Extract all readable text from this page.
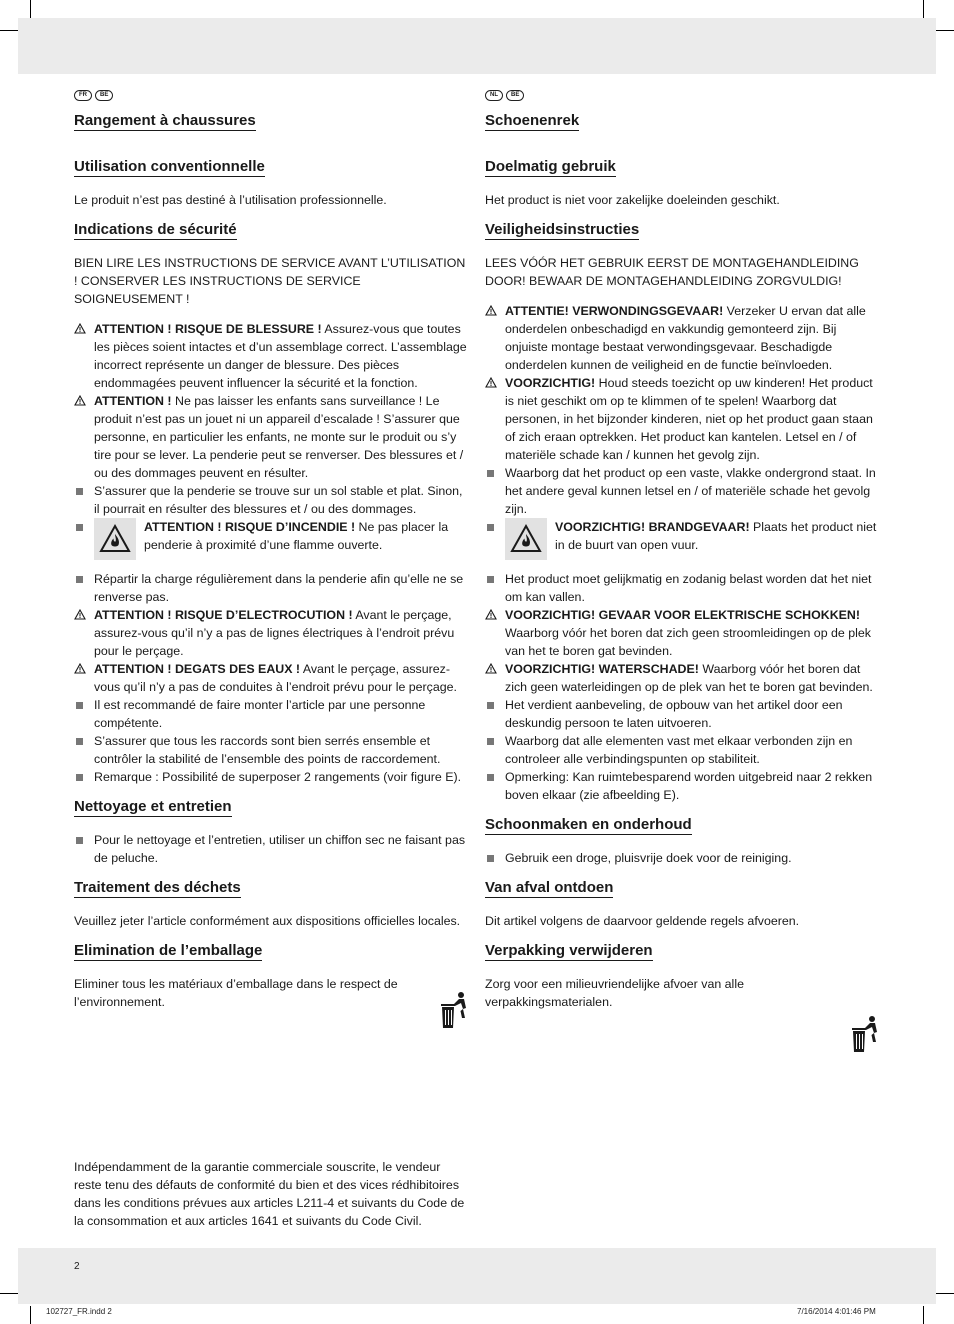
2
102727_FR.indd 2	7/16/2014 4:01:46 PM
FR	BE
Rangement à chaussures
Utilisation conventionnelle

Le produit n’est pas destiné à l’utilisation professionnelle.

Indications de sécurité

BIEN LIRE LES INSTRUCTIONS DE SERVICE AVANT L’UTILISATION ! CONSERVER LES INSTRUCTIONS DE SERVICE SOIGNEUSEMENT !

ATTENTION ! RISQUE DE BLESSURE ! Assurez-vous que toutes les pièces soient intactes et d’un assemblage correct. L’assemblage incorrect représente un danger de blessure. Des pièces endommagées peuvent influencer la sécurité et la fonction.
ATTENTION ! Ne pas laisser les enfants sans surveillance ! Le produit n’est pas un jouet ni un appareil d’escalade ! S’assurer que personne, en particulier les enfants, ne monte sur le produit ou s’y tire pour se lever. La penderie peut se renverser. Des blessures et / ou des dommages peuvent en résulter.
S’assurer que la penderie se trouve sur un sol stable et plat. Sinon, il pourrait en résulter des blessures et / ou des dommages.
ATTENTION ! RISQUE D’INCENDIE ! Ne pas placer la penderie à proximité d’une flamme ouverte.
Répartir la charge régulièrement dans la penderie afin qu’elle ne se renverse pas.
ATTENTION ! RISQUE D’ELECTROCUTION ! Avant le perçage, assurez-vous qu’il n’y a pas de lignes électriques à l’endroit prévu pour le perçage.
ATTENTION ! DEGATS DES EAUX ! Avant le perçage, assurez-vous qu’il n’y a pas de conduites à l’endroit prévu pour le perçage.
Il est recommandé de faire monter l’article par une personne compétente.
S’assurer que tous les raccords sont bien serrés ensemble et contrôler la stabilité de l’ensemble des points de raccordement.
Remarque : Possibilité de superposer 2 rangements (voir figure E).
Nettoyage et entretien
Pour le nettoyage et l’entretien, utiliser un chiffon sec ne faisant pas de peluche.
Traitement des déchets

Veuillez jeter l’article conformément aux dispositions officielles locales.

Elimination de l’emballage

Eliminer tous les matériaux d’emballage dans le respect de l’environnement.

Indépendamment de la garantie commerciale souscrite, le vendeur reste tenu des défauts de conformité du bien et des vices rédhibitoires dans les conditions prévues aux articles L211-4 et suivants du Code de la consommation et aux articles 1641 et suivants du Code Civil.

NL	BE
Schoenenrek
Doelmatig gebruik

Het product is niet voor zakelijke doeleinden geschikt.

Veiligheidsinstructies

LEES VÓÓR HET GEBRUIK EERST DE MONTAGEHANDLEIDING DOOR! BEWAAR DE MONTAGEHANDLEIDING ZORGVULDIG!

ATTENTIE! VERWONDINGSGEVAAR! Verzeker U ervan dat alle onderdelen onbeschadigd en vakkundig gemonteerd zijn. Bij onjuiste montage bestaat verwondingsgevaar. Beschadigde onderdelen kunnen de veiligheid en de functie beïnvloeden.
VOORZICHTIG! Houd steeds toezicht op uw kinderen! Het product is niet geschikt om op te klimmen of te spelen! Waarborg dat personen, in het bijzonder kinderen, niet op het product gaan staan of zich eraan optrekken. Het product kan kantelen. Letsel en / of materiële schade kan / kunnen het gevolg zijn.
Waarborg dat het product op een vaste, vlakke ondergrond staat. In het andere geval kunnen letsel en / of materiële schade het gevolg zijn.
VOORZICHTIG! BRANDGEVAAR! Plaats het product niet in de buurt van open vuur.
Het product moet gelijkmatig en zodanig belast worden dat het niet om kan vallen.
VOORZICHTIG! GEVAAR VOOR ELEKTRISCHE SCHOKKEN! Waarborg vóór het boren dat zich geen stroomleidingen op de plek van het te boren gat bevinden.
VOORZICHTIG! WATERSCHADE! Waarborg vóór het boren dat zich geen waterleidingen op de plek van het te boren gat bevinden.
Het verdient aanbeveling, de opbouw van het artikel door een deskundig persoon te laten uitvoeren.
Waarborg dat alle elementen vast met elkaar verbonden zijn en controleer alle verbindingspunten op stabiliteit.
Opmerking: Kan ruimtebesparend worden uitgebreid naar 2 rekken boven elkaar (zie afbeelding E).
Schoonmaken en onderhoud
Gebruik een droge, pluisvrije doek voor de reiniging.
Van afval ontdoen

Dit artikel volgens de daarvoor geldende regels afvoeren.

Verpakking verwijderen

Zorg voor een milieuvriendelijke afvoer van alle verpakkingsmaterialen.
